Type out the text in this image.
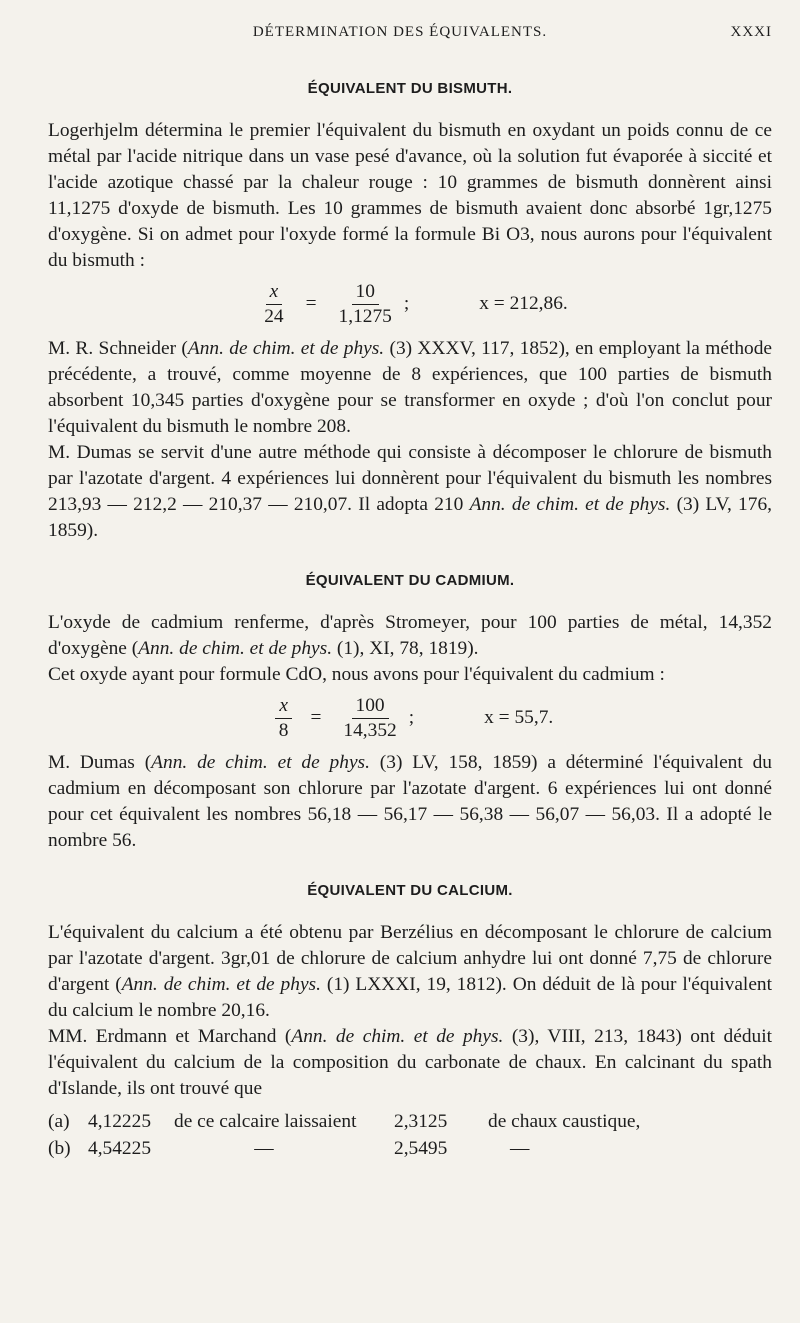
DÉTERMINATION DES ÉQUIVALENTS.	XXXI
ÉQUIVALENT DU BISMUTH.

Logerhjelm détermina le premier l'équivalent du bismuth en oxydant un poids connu de ce métal par l'acide nitrique dans un vase pesé d'avance, où la solution fut évaporée à siccité et l'acide azotique chassé par la chaleur rouge : 10 grammes de bismuth donnèrent ainsi 11,1275 d'oxyde de bismuth. Les 10 grammes de bismuth avaient donc absorbé 1gr,1275 d'oxygène. Si on admet pour l'oxyde formé la formule Bi O3, nous aurons pour l'équivalent du bismuth :

$\frac{x}{24} = \frac{10}{1,1275}$ ;	x = 212,86.

M. R. Schneider (Ann. de chim. et de phys. (3) XXXV, 117, 1852), en employant la méthode précédente, a trouvé, comme moyenne de 8 expériences, que 100 parties de bismuth absorbent 10,345 parties d'oxygène pour se transformer en oxyde ; d'où l'on conclut pour l'équivalent du bismuth le nombre 208.

M. Dumas se servit d'une autre méthode qui consiste à décomposer le chlorure de bismuth par l'azotate d'argent. 4 expériences lui donnèrent pour l'équivalent du bismuth les nombres 213,93 — 212,2 — 210,37 — 210,07. Il adopta 210 Ann. de chim. et de phys. (3) LV, 176, 1859).

ÉQUIVALENT DU CADMIUM.

L'oxyde de cadmium renferme, d'après Stromeyer, pour 100 parties de métal, 14,352 d'oxygène (Ann. de chim. et de phys. (1), XI, 78, 1819).

Cet oxyde ayant pour formule CdO, nous avons pour l'équivalent du cadmium :

$\frac{x}{8} = \frac{100}{14,352}$ ;	x = 55,7.

M. Dumas (Ann. de chim. et de phys. (3) LV, 158, 1859) a déterminé l'équivalent du cadmium en décomposant son chlorure par l'azotate d'argent. 6 expériences lui ont donné pour cet équivalent les nombres 56,18 — 56,17 — 56,38 — 56,07 — 56,03. Il a adopté le nombre 56.

ÉQUIVALENT DU CALCIUM.

L'équivalent du calcium a été obtenu par Berzélius en décomposant le chlorure de calcium par l'azotate d'argent. 3gr,01 de chlorure de calcium anhydre lui ont donné 7,75 de chlorure d'argent (Ann. de chim. et de phys. (1) LXXXI, 19, 1812). On déduit de là pour l'équivalent du calcium le nombre 20,16.

MM. Erdmann et Marchand (Ann. de chim. et de phys. (3), VIII, 213, 1843) ont déduit l'équivalent du calcium de la composition du carbonate de chaux. En calcinant du spath d'Islande, ils ont trouvé que

(a) 4,12225	de ce calcaire laissaient	2,3125	de chaux caustique,
(b) 4,54225	—	2,5495	—
